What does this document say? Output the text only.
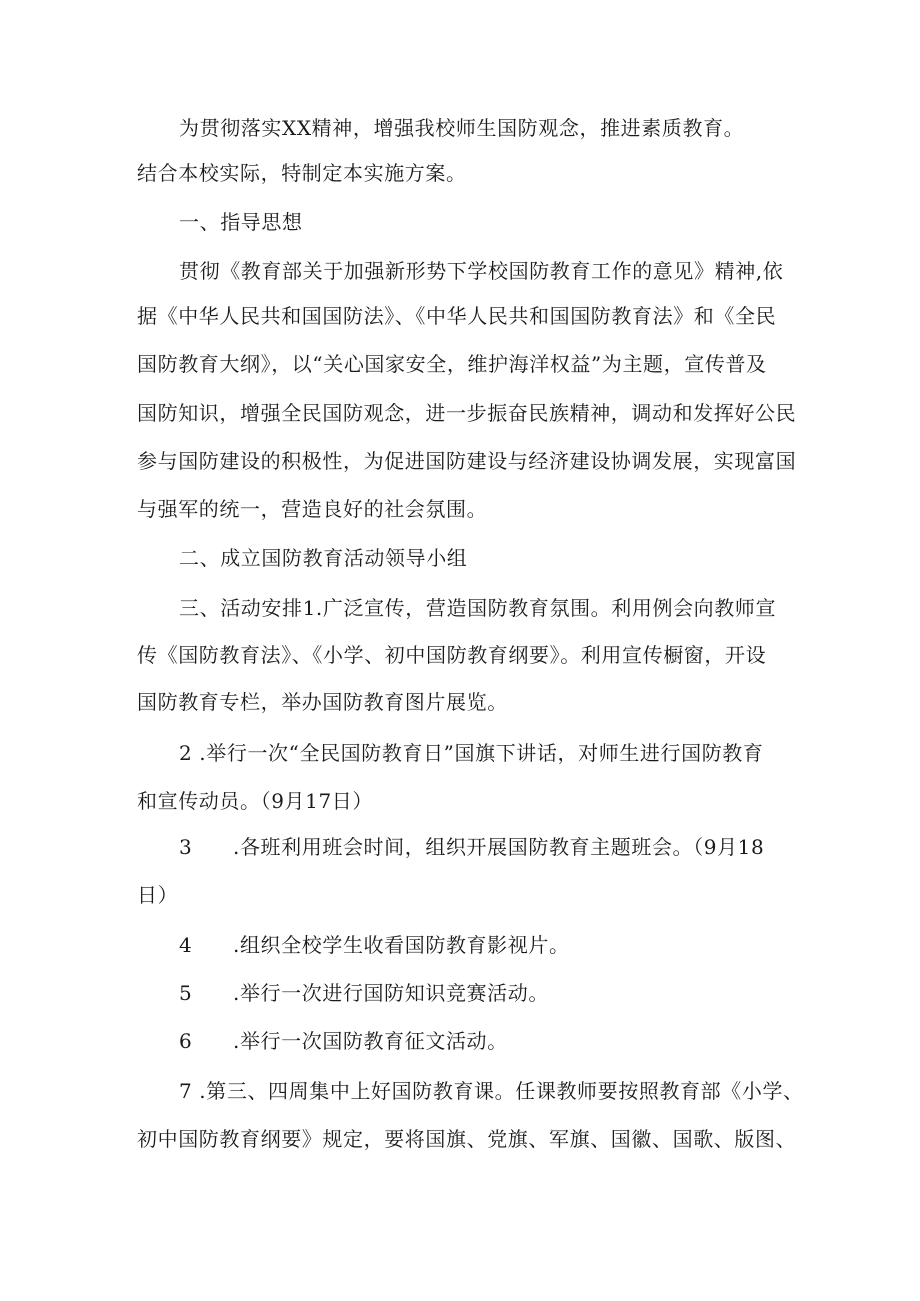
为贯彻落实XX精神，增强我校师生国防观念，推进素质教育。
结合本校实际，特制定本实施方案。
一、指导思想
贯彻《教育部关于加强新形势下学校国防教育工作的意见》精神,依
据《中华人民共和国国防法》、《中华人民共和国国防教育法》和《全民
国防教育大纲》，以“关心国家安全，维护海洋权益”为主题，宣传普及
国防知识，增强全民国防观念，进一步振奋民族精神，调动和发挥好公民
参与国防建设的积极性，为促进国防建设与经济建设协调发展，实现富国
与强军的统一，营造良好的社会氛围。
二、成立国防教育活动领导小组
三、活动安排1.广泛宣传，营造国防教育氛围。利用例会向教师宣
传《国防教育法》、《小学、初中国防教育纲要》。利用宣传橱窗，开设
国防教育专栏，举办国防教育图片展览。
2 .举行一次“全民国防教育日”国旗下讲话，对师生进行国防教育
和宣传动员。（9月17日）
3 .各班利用班会时间，组织开展国防教育主题班会。（9月18
日）
4 .组织全校学生收看国防教育影视片。
5 .举行一次进行国防知识竞赛活动。
6 .举行一次国防教育征文活动。
7 .第三、四周集中上好国防教育课。任课教师要按照教育部《小学、
初中国防教育纲要》规定，要将国旗、党旗、军旗、国徽、国歌、版图、
